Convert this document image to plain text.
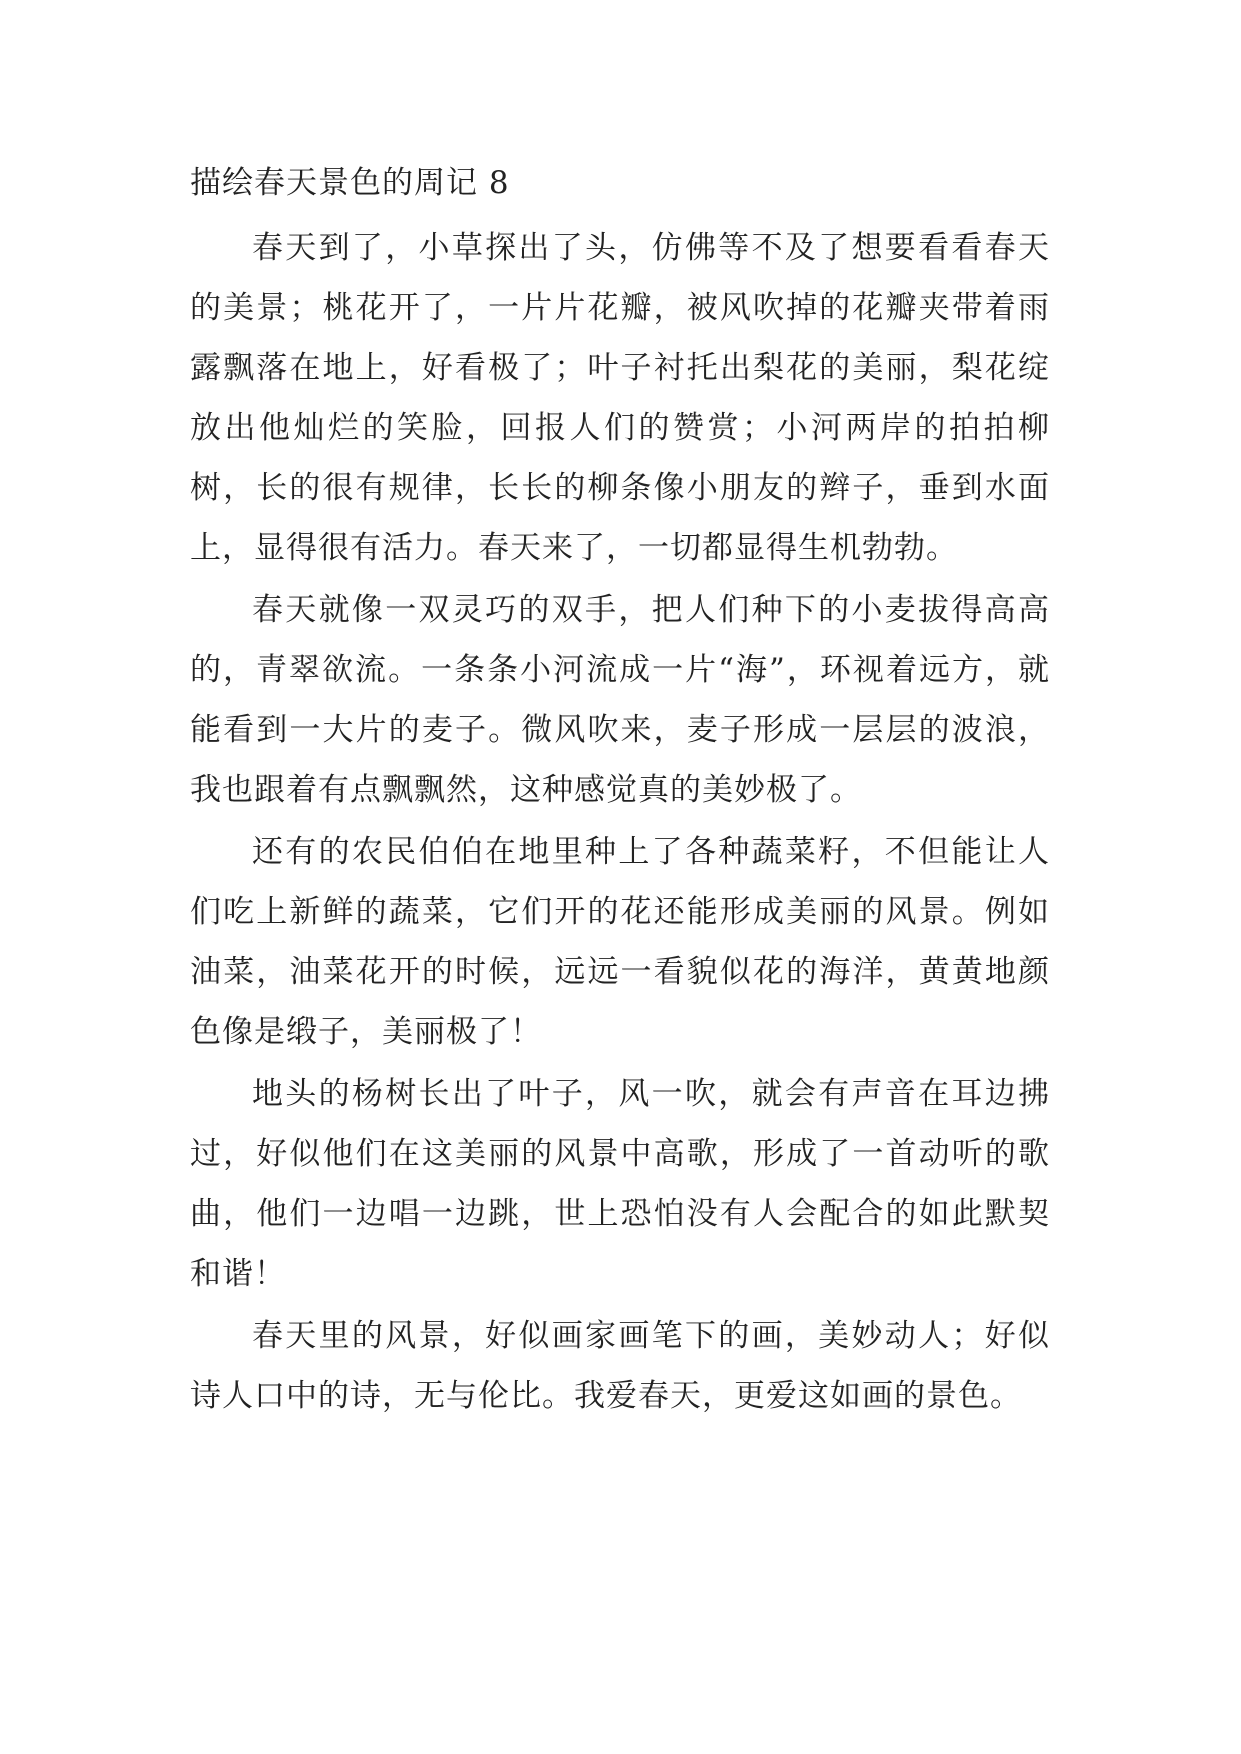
描绘春天景色的周记 8

春天到了，小草探出了头，仿佛等不及了想要看看春天的美景；桃花开了，一片片花瓣，被风吹掉的花瓣夹带着雨露飘落在地上，好看极了；叶子衬托出梨花的美丽，梨花绽放出他灿烂的笑脸，回报人们的赞赏；小河两岸的拍拍柳树，长的很有规律，长长的柳条像小朋友的辫子，垂到水面上，显得很有活力。春天来了，一切都显得生机勃勃。

春天就像一双灵巧的双手，把人们种下的小麦拔得高高的，青翠欲流。一条条小河流成一片“海”，环视着远方，就能看到一大片的麦子。微风吹来，麦子形成一层层的波浪，我也跟着有点飘飘然，这种感觉真的美妙极了。

还有的农民伯伯在地里种上了各种蔬菜籽，不但能让人们吃上新鲜的蔬菜，它们开的花还能形成美丽的风景。例如油菜，油菜花开的时候，远远一看貌似花的海洋，黄黄地颜色像是缎子，美丽极了！

地头的杨树长出了叶子，风一吹，就会有声音在耳边拂过，好似他们在这美丽的风景中高歌，形成了一首动听的歌曲，他们一边唱一边跳，世上恐怕没有人会配合的如此默契和谐！

春天里的风景，好似画家画笔下的画，美妙动人；好似诗人口中的诗，无与伦比。我爱春天，更爱这如画的景色。
